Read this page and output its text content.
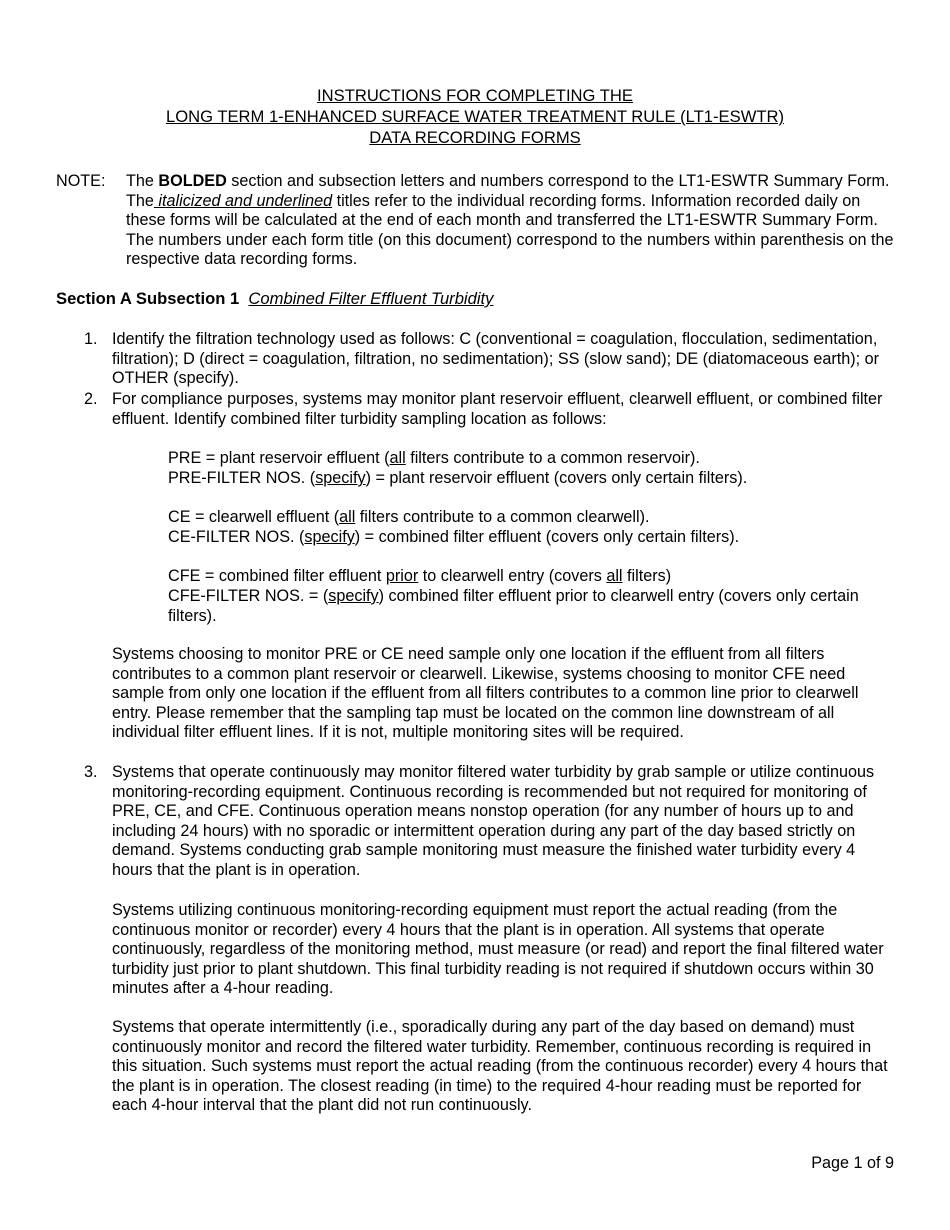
INSTRUCTIONS FOR COMPLETING THE
LONG TERM 1-ENHANCED SURFACE WATER TREATMENT RULE (LT1-ESWTR)
DATA RECORDING FORMS
NOTE: The BOLDED section and subsection letters and numbers correspond to the LT1-ESWTR Summary Form. The italicized and underlined titles refer to the individual recording forms. Information recorded daily on these forms will be calculated at the end of each month and transferred the LT1-ESWTR Summary Form. The numbers under each form title (on this document) correspond to the numbers within parenthesis on the respective data recording forms.
Section A Subsection 1 Combined Filter Effluent Turbidity
1. Identify the filtration technology used as follows: C (conventional = coagulation, flocculation, sedimentation, filtration); D (direct = coagulation, filtration, no sedimentation); SS (slow sand); DE (diatomaceous earth); or OTHER (specify).
2. For compliance purposes, systems may monitor plant reservoir effluent, clearwell effluent, or combined filter effluent. Identify combined filter turbidity sampling location as follows:
PRE = plant reservoir effluent (all filters contribute to a common reservoir).
PRE-FILTER NOS. (specify) = plant reservoir effluent (covers only certain filters).
CE = clearwell effluent (all filters contribute to a common clearwell).
CE-FILTER NOS. (specify) = combined filter effluent (covers only certain filters).
CFE = combined filter effluent prior to clearwell entry (covers all filters)
CFE-FILTER NOS. = (specify) combined filter effluent prior to clearwell entry (covers only certain filters).
Systems choosing to monitor PRE or CE need sample only one location if the effluent from all filters contributes to a common plant reservoir or clearwell. Likewise, systems choosing to monitor CFE need sample from only one location if the effluent from all filters contributes to a common line prior to clearwell entry. Please remember that the sampling tap must be located on the common line downstream of all individual filter effluent lines. If it is not, multiple monitoring sites will be required.
3. Systems that operate continuously may monitor filtered water turbidity by grab sample or utilize continuous monitoring-recording equipment. Continuous recording is recommended but not required for monitoring of PRE, CE, and CFE. Continuous operation means nonstop operation (for any number of hours up to and including 24 hours) with no sporadic or intermittent operation during any part of the day based strictly on demand. Systems conducting grab sample monitoring must measure the finished water turbidity every 4 hours that the plant is in operation.
Systems utilizing continuous monitoring-recording equipment must report the actual reading (from the continuous monitor or recorder) every 4 hours that the plant is in operation. All systems that operate continuously, regardless of the monitoring method, must measure (or read) and report the final filtered water turbidity just prior to plant shutdown. This final turbidity reading is not required if shutdown occurs within 30 minutes after a 4-hour reading.
Systems that operate intermittently (i.e., sporadically during any part of the day based on demand) must continuously monitor and record the filtered water turbidity. Remember, continuous recording is required in this situation. Such systems must report the actual reading (from the continuous recorder) every 4 hours that the plant is in operation. The closest reading (in time) to the required 4-hour reading must be reported for each 4-hour interval that the plant did not run continuously.
Page 1 of 9
